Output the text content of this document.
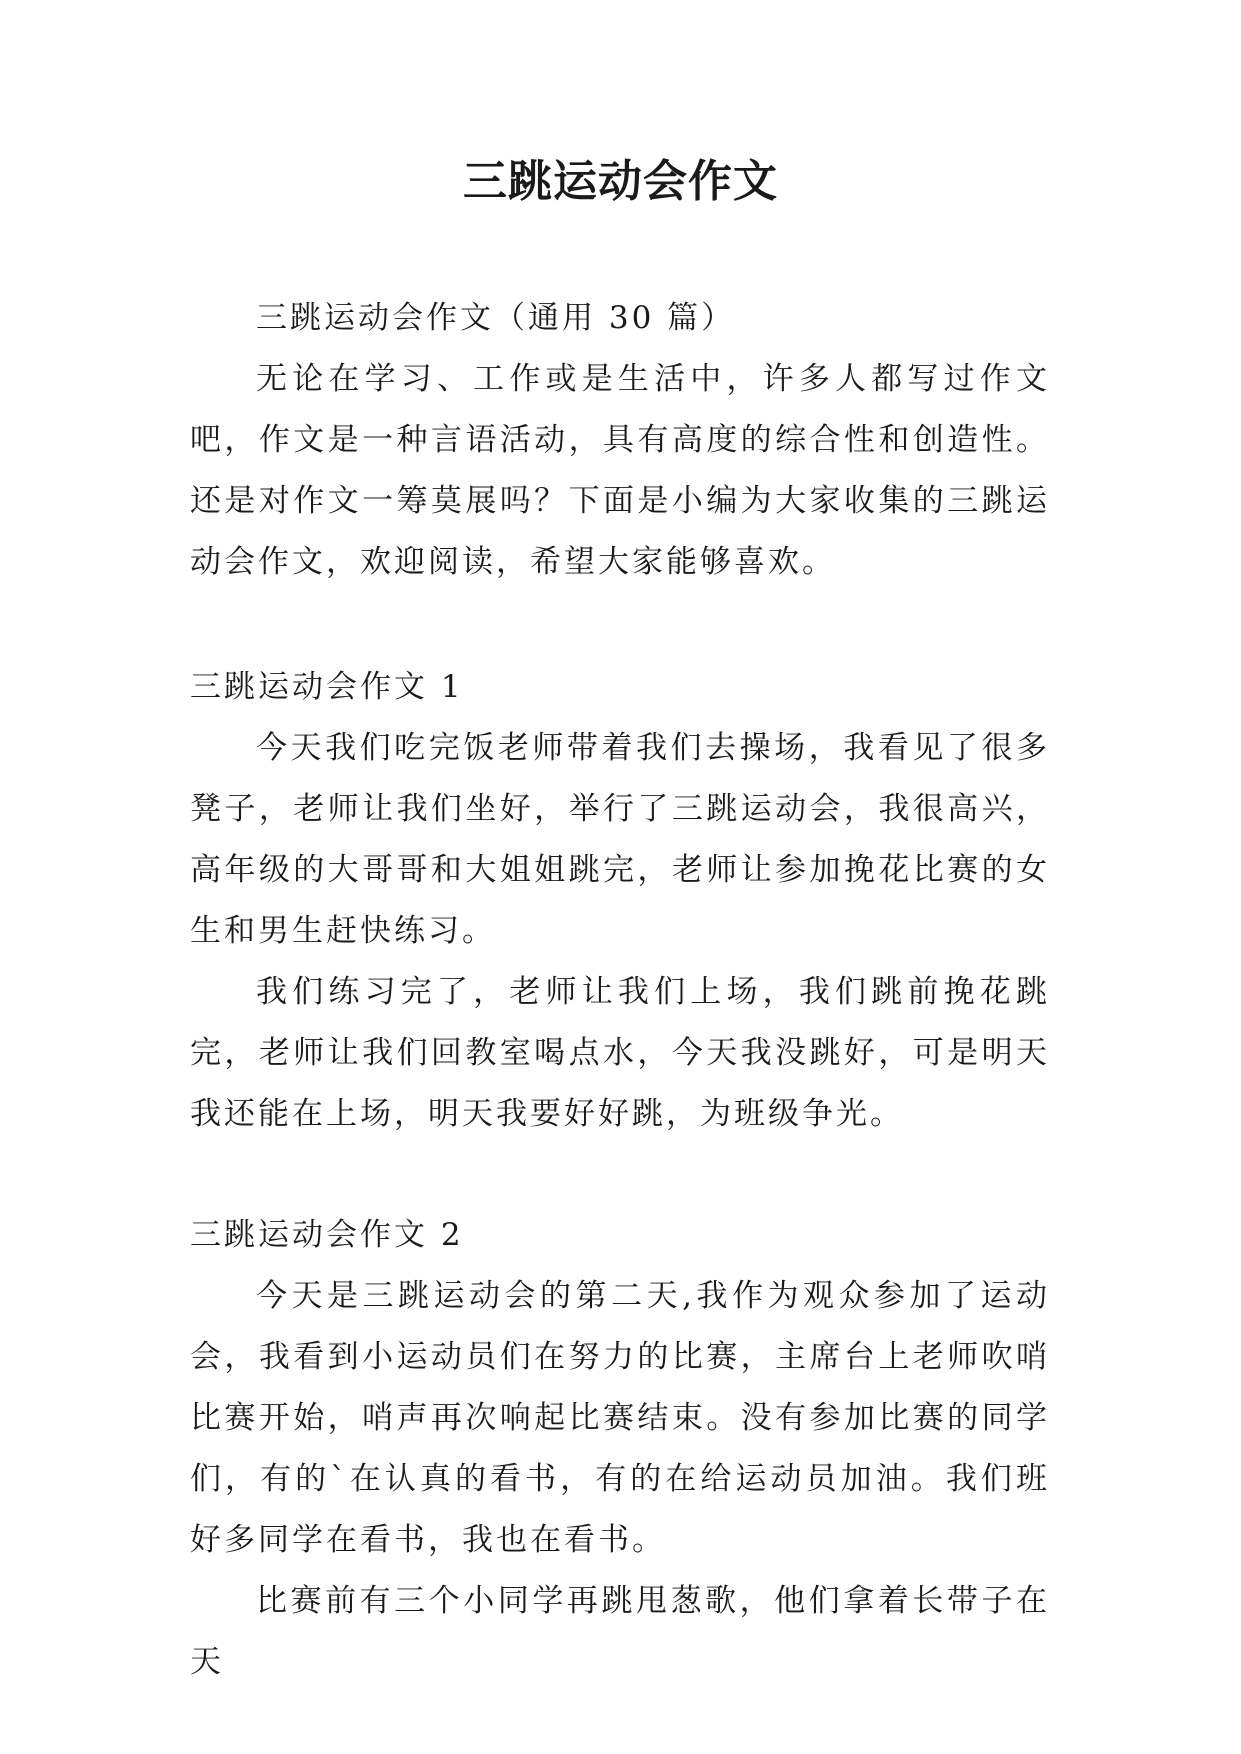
三跳运动会作文

三跳运动会作文（通用 30 篇）

无论在学习、工作或是生活中，许多人都写过作文吧，作文是一种言语活动，具有高度的综合性和创造性。还是对作文一筹莫展吗？下面是小编为大家收集的三跳运动会作文，欢迎阅读，希望大家能够喜欢。

三跳运动会作文 1

今天我们吃完饭老师带着我们去操场，我看见了很多凳子，老师让我们坐好，举行了三跳运动会，我很高兴，高年级的大哥哥和大姐姐跳完，老师让参加挽花比赛的女生和男生赶快练习。

我们练习完了，老师让我们上场，我们跳前挽花跳完，老师让我们回教室喝点水，今天我没跳好，可是明天我还能在上场，明天我要好好跳，为班级争光。

三跳运动会作文 2

今天是三跳运动会的第二天,我作为观众参加了运动会，我看到小运动员们在努力的比赛，主席台上老师吹哨比赛开始，哨声再次响起比赛结束。没有参加比赛的同学们，有的`在认真的看书，有的在给运动员加油。我们班好多同学在看书，我也在看书。

比赛前有三个小同学再跳甩葱歌，他们拿着长带子在天
